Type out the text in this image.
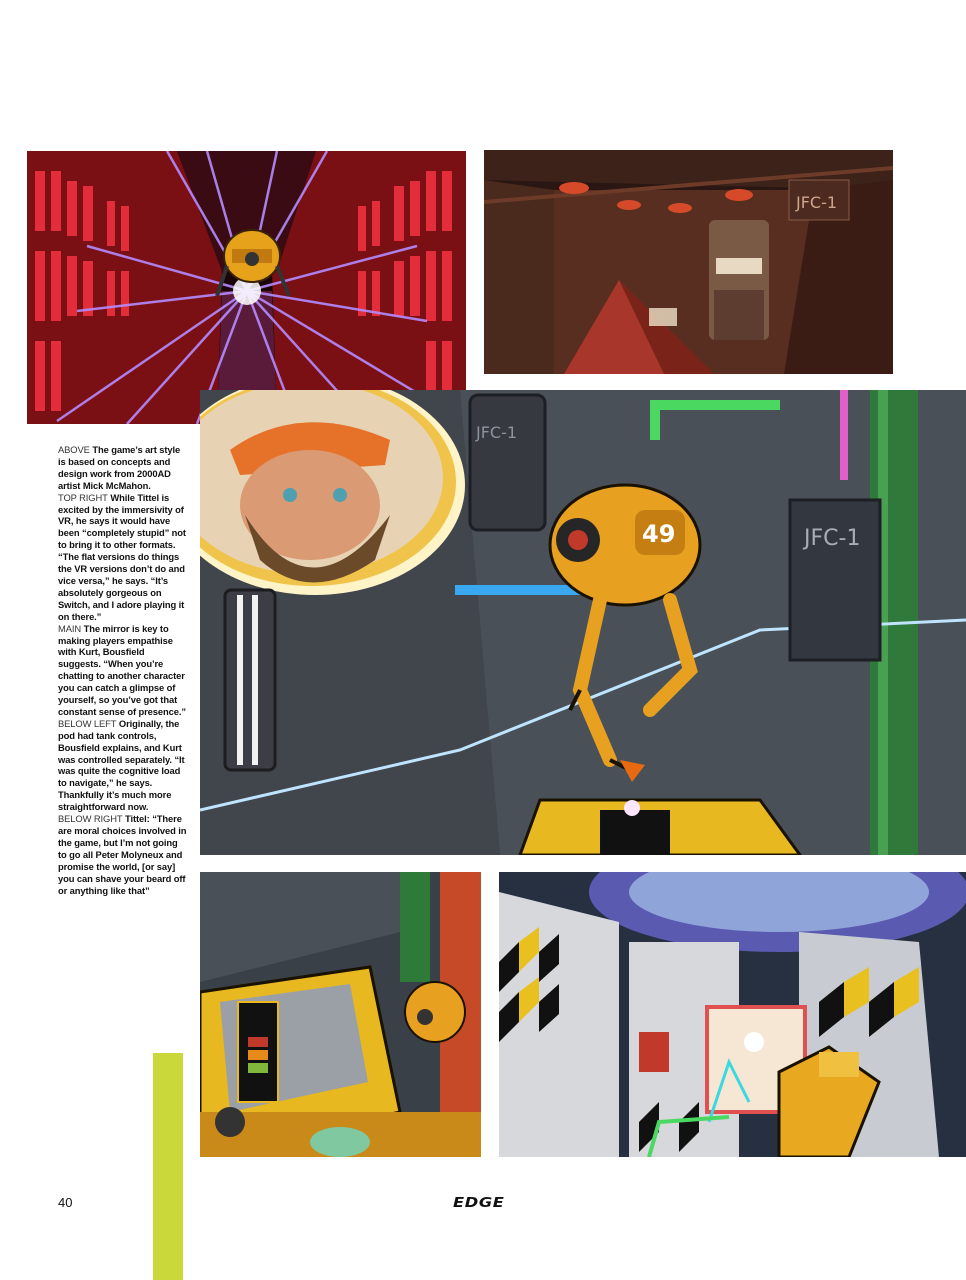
JFC-1
JFC-1
JFC-1
49

ABOVE The game’s art style is based on concepts and design work from 2000AD artist Mick McMahon.

TOP RIGHT While Tittel is excited by the immersivity of VR, he says it would have been “completely stupid” not to bring it to other formats. “The flat versions do things the VR versions don’t do and vice versa,” he says. “It’s absolutely gorgeous on Switch, and I adore playing it on there.”

MAIN The mirror is key to making players empathise with Kurt, Bousfield suggests. “When you’re chatting to another character you can catch a glimpse of yourself, so you’ve got that constant sense of presence.”

BELOW LEFT Originally, the pod had tank controls, Bousfield explains, and Kurt was controlled separately. “It was quite the cognitive load to navigate,” he says. Thankfully it’s much more straightforward now.

BELOW RIGHT Tittel: “There are moral choices involved in the game, but I’m not going to go all Peter Molyneux and promise the world, [or say] you can shave your beard off or anything like that”

40	EDGE
